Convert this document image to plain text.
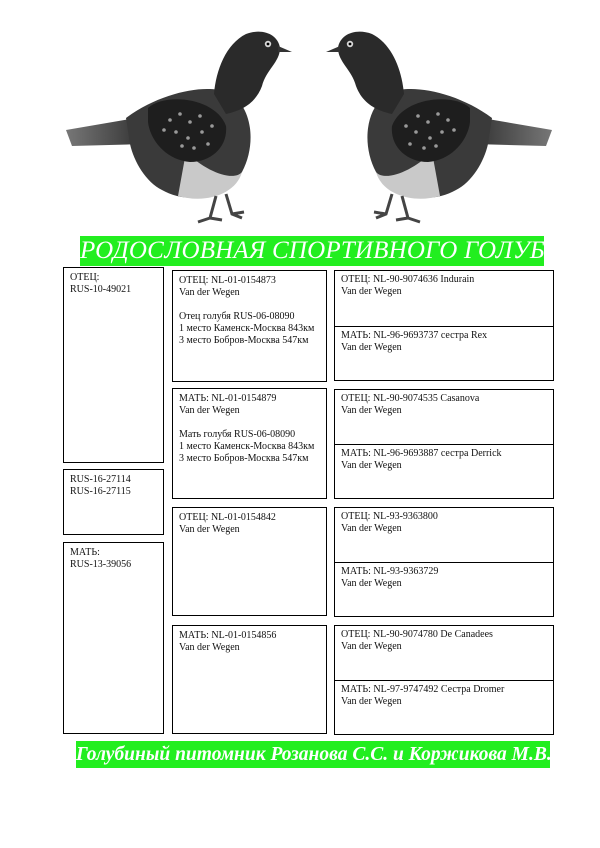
РОДОСЛОВНАЯ СПОРТИВНОГО ГОЛУБЯ
ОТЕЦ:
RUS-10-49021
RUS-16-27114
RUS-16-27115
МАТЬ:
RUS-13-39056
ОТЕЦ: NL-01-0154873
Van der Wegen
Отец голубя RUS-06-08090
1 место Каменск-Москва 843км
3 место Бобров-Москва 547км
МАТЬ: NL-01-0154879
Van der Wegen
Мать голубя RUS-06-08090
1 место Каменск-Москва 843км
3 место Бобров-Москва 547км
ОТЕЦ: NL-01-0154842
Van der Wegen
МАТЬ: NL-01-0154856
Van der Wegen
ОТЕЦ: NL-90-9074636 Indurain
Van der Wegen
МАТЬ: NL-96-9693737 сестра Rex
Van der Wegen
ОТЕЦ: NL-90-9074535 Casanova
Van der Wegen
МАТЬ: NL-96-9693887 сестра Derrick
Van der Wegen
ОТЕЦ: NL-93-9363800
Van der Wegen
МАТЬ: NL-93-9363729
Van der Wegen
ОТЕЦ: NL-90-9074780 De Canadees
Van der Wegen
МАТЬ: NL-97-9747492 Сестра Dromer
Van der Wegen
Голубиный питомник Розанова С.С. и Коржикова М.В.
